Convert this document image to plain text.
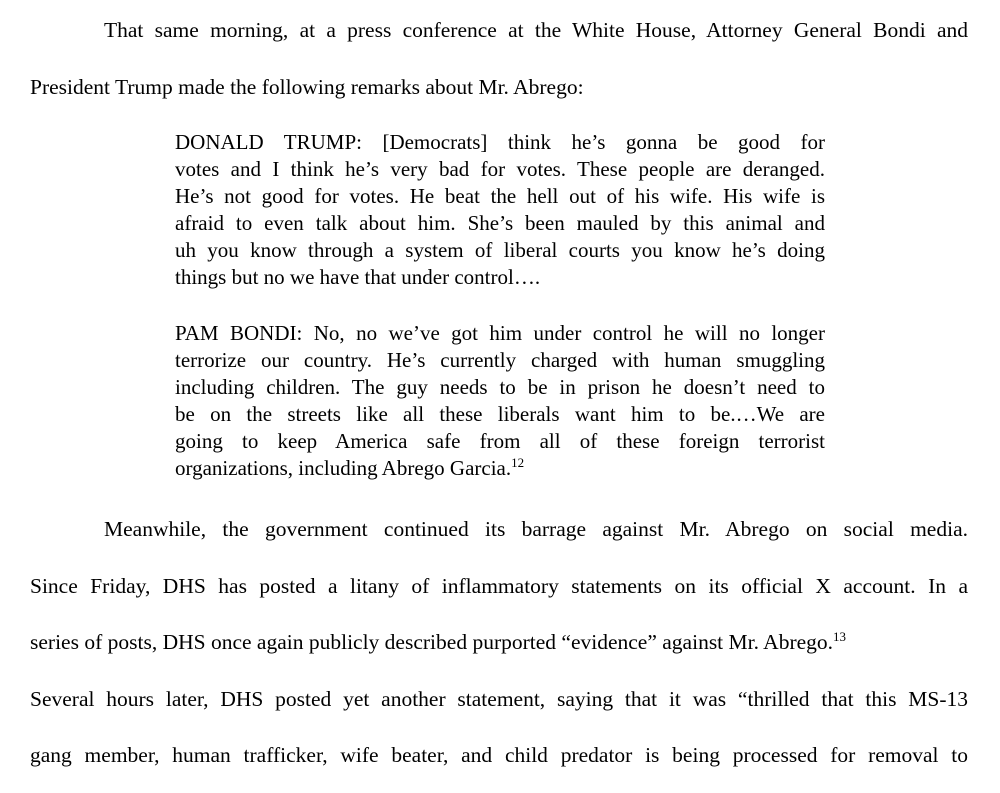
That same morning, at a press conference at the White House, Attorney General Bondi and
President Trump made the following remarks about Mr. Abrego:

DONALD TRUMP: [Democrats] think he’s gonna be good for
votes and I think he’s very bad for votes. These people are deranged.
He’s not good for votes. He beat the hell out of his wife. His wife is
afraid to even talk about him. She’s been mauled by this animal and
uh you know through a system of liberal courts you know he’s doing
things but no we have that under control….
PAM BONDI: No, no we’ve got him under control he will no longer
terrorize our country. He’s currently charged with human smuggling
including children. The guy needs to be in prison he doesn’t need to
be on the streets like all these liberals want him to be.…We are
going to keep America safe from all of these foreign terrorist
organizations, including Abrego Garcia.$^{12}$

Meanwhile, the government continued its barrage against Mr. Abrego on social media.
Since Friday, DHS has posted a litany of inflammatory statements on its official X account. In a
series of posts, DHS once again publicly described purported “evidence” against Mr. Abrego.$^{13}$
Several hours later, DHS posted yet another statement, saying that it was “thrilled that this MS-13
gang member, human trafficker, wife beater, and child predator is being processed for removal to
